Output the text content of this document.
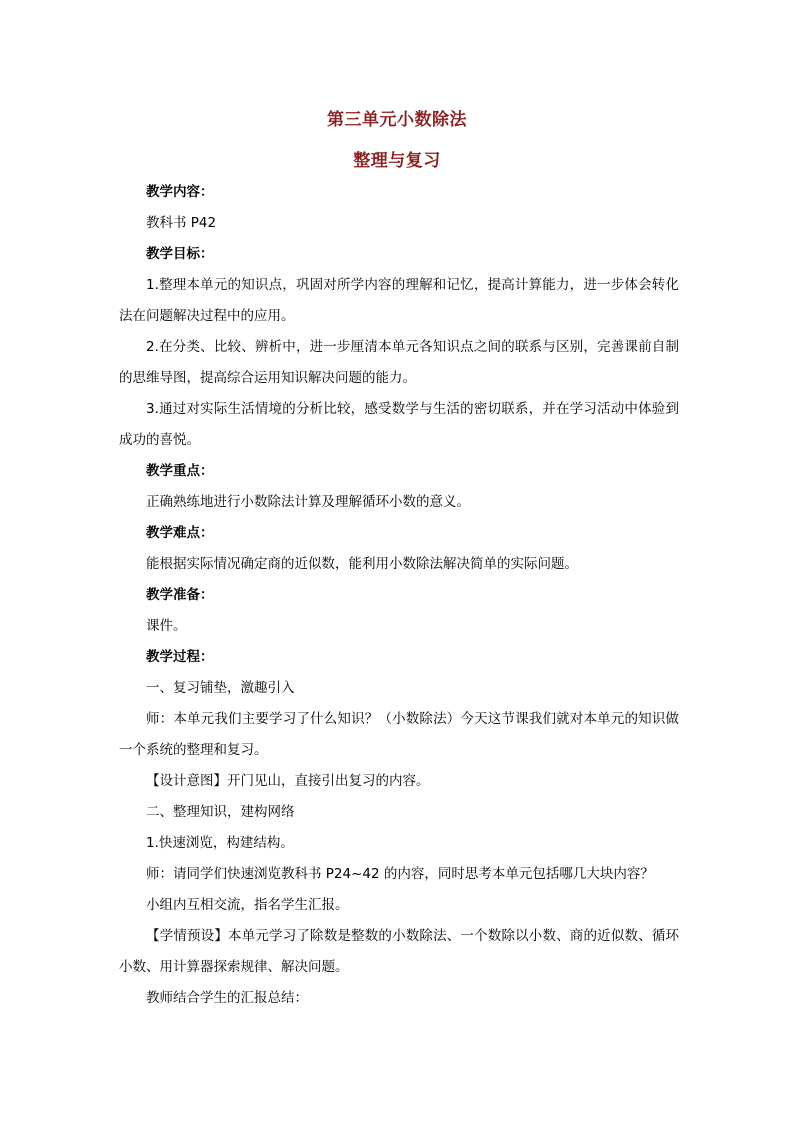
第三单元小数除法
整理与复习

教学内容：

教科书 P42

教学目标：

1.整理本单元的知识点，巩固对所学内容的理解和记忆，提高计算能力，进一步体会转化法在问题解决过程中的应用。

2.在分类、比较、辨析中，进一步厘清本单元各知识点之间的联系与区别，完善课前自制的思维导图，提高综合运用知识解决问题的能力。

3.通过对实际生活情境的分析比较，感受数学与生活的密切联系，并在学习活动中体验到成功的喜悦。

教学重点：

正确熟练地进行小数除法计算及理解循环小数的意义。

教学难点：

能根据实际情况确定商的近似数，能利用小数除法解决简单的实际问题。

教学准备：

课件。

教学过程：

一、复习铺垫，激趣引入

师：本单元我们主要学习了什么知识？（小数除法）今天这节课我们就对本单元的知识做一个系统的整理和复习。

【设计意图】开门见山，直接引出复习的内容。

二、整理知识，建构网络

1.快速浏览，构建结构。

师：请同学们快速浏览教科书 P24~42 的内容，同时思考本单元包括哪几大块内容？

小组内互相交流，指名学生汇报。

【学情预设】本单元学习了除数是整数的小数除法、一个数除以小数、商的近似数、循环小数、用计算器探索规律、解决问题。

教师结合学生的汇报总结：
